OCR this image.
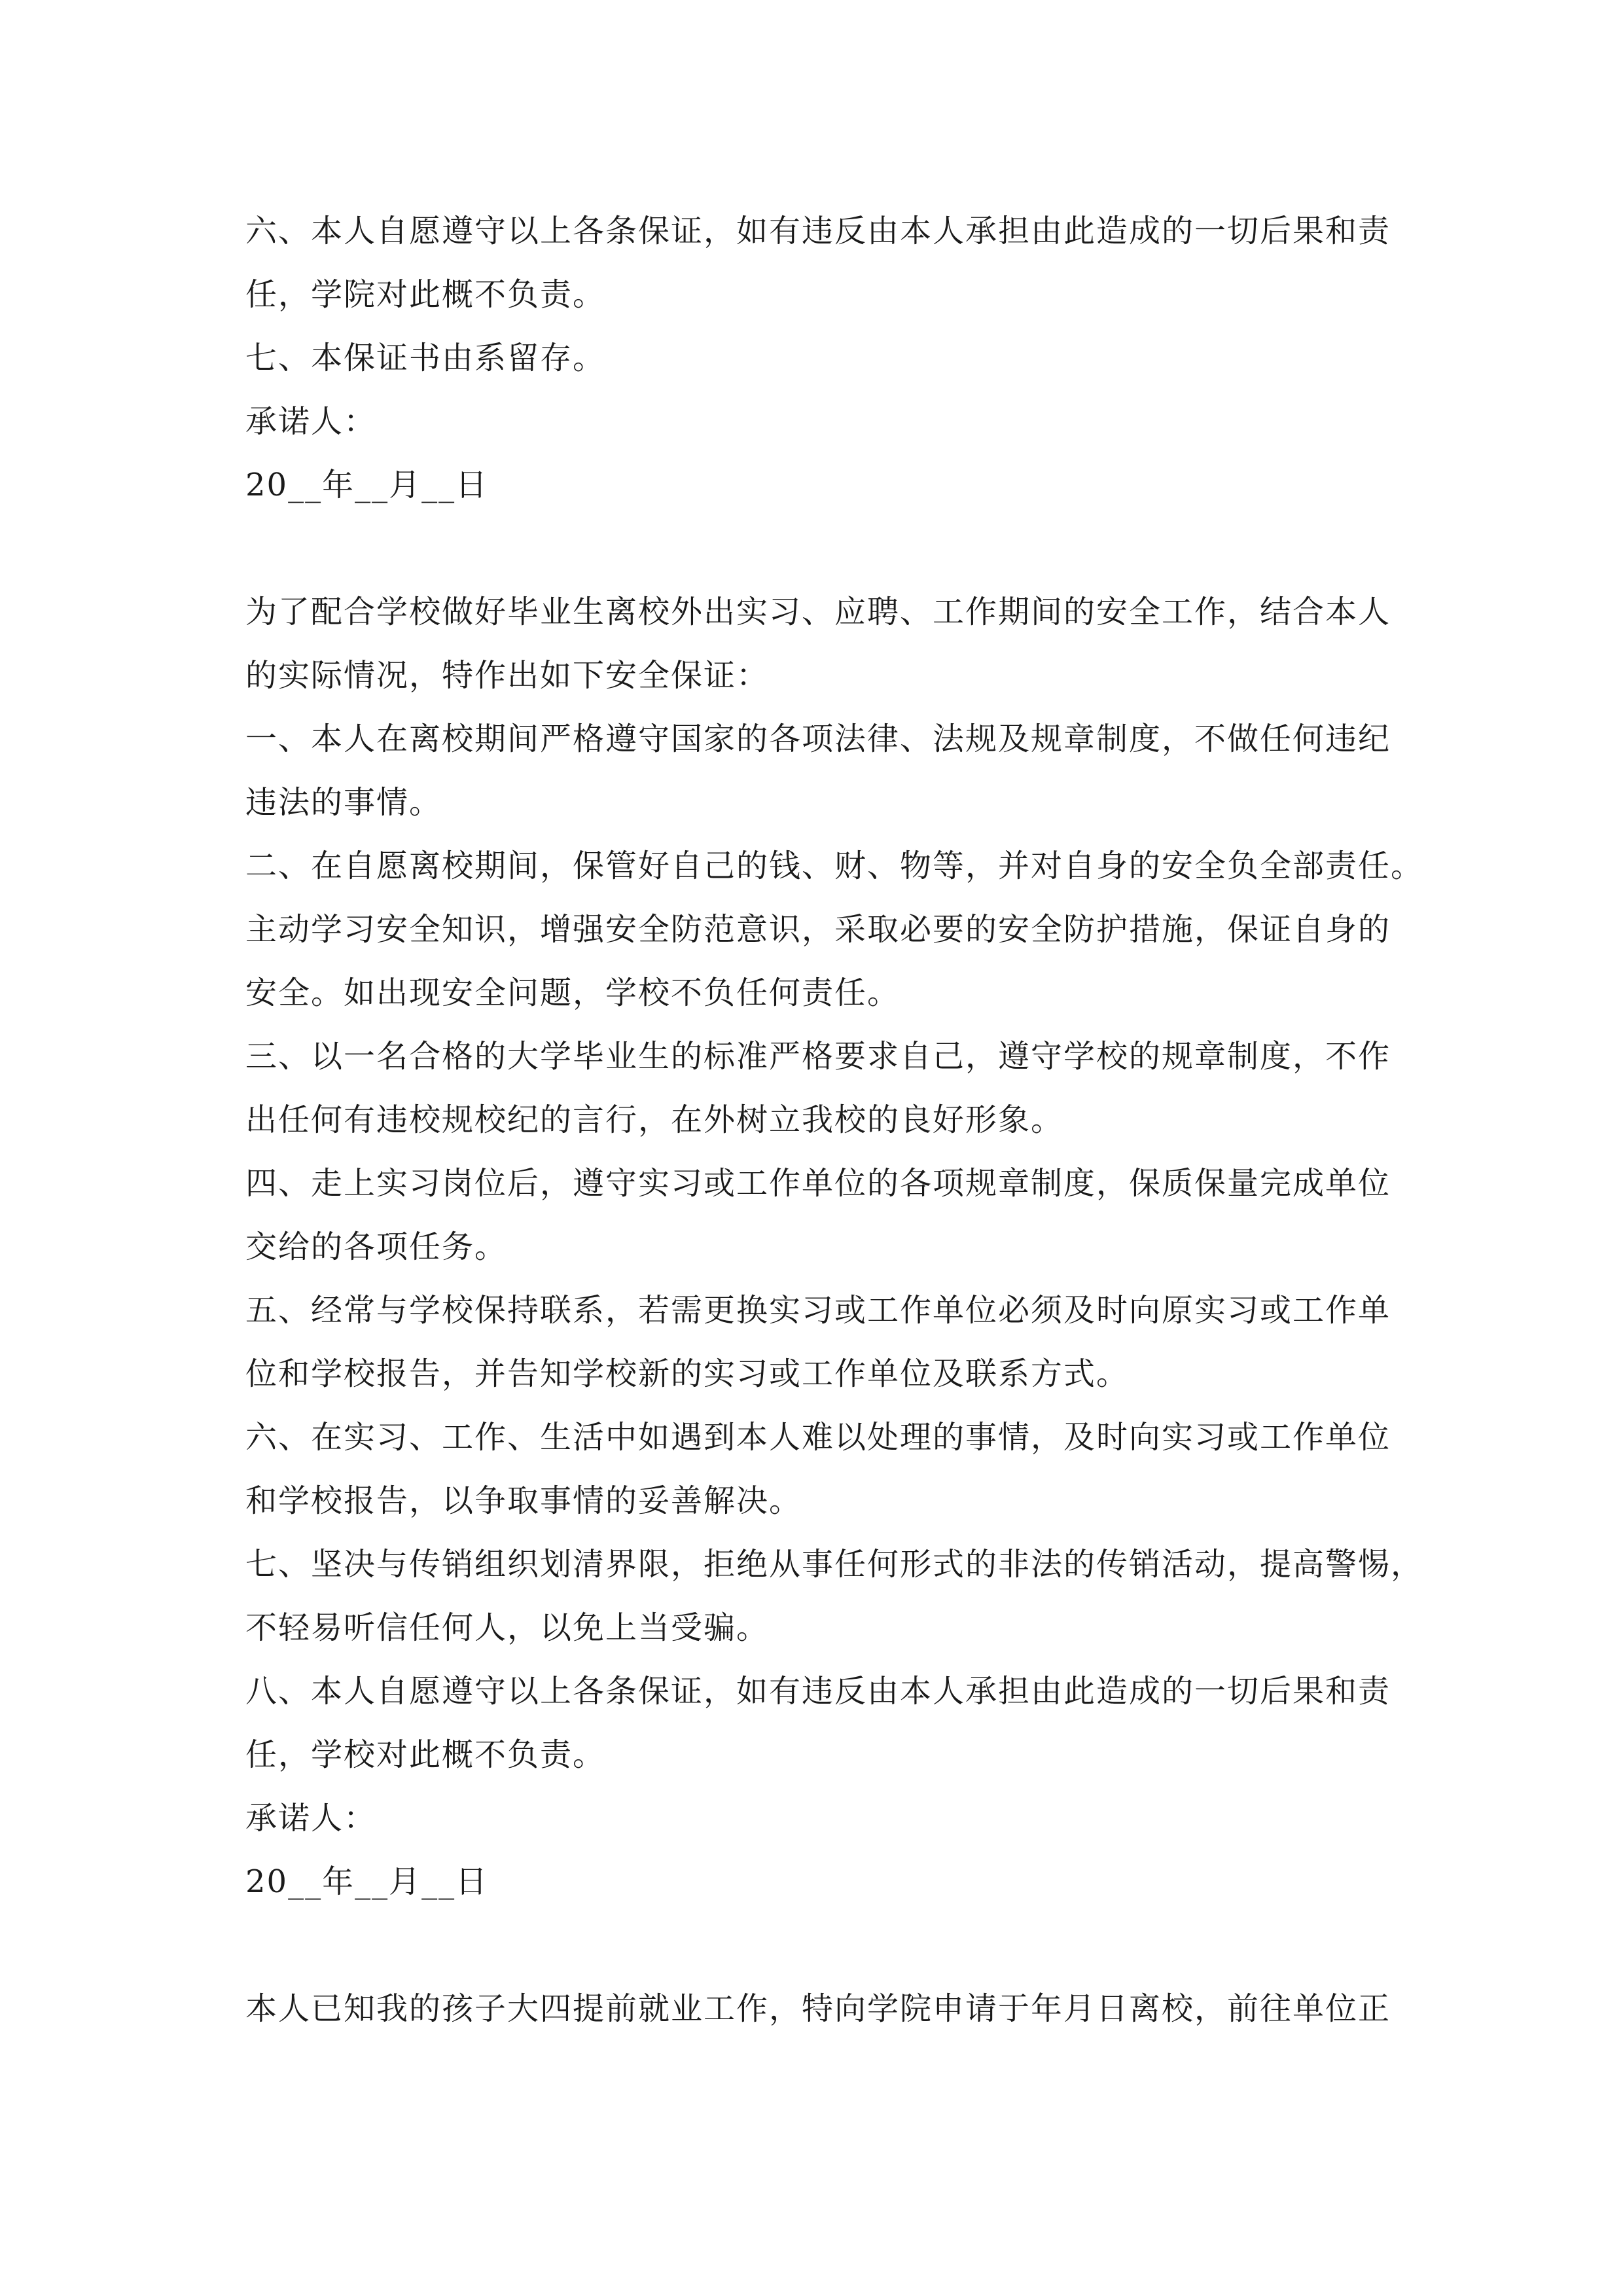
六、本人自愿遵守以上各条保证，如有违反由本人承担由此造成的一切后果和责
任，学院对此概不负责。
七、本保证书由系留存。
承诺人：
20__年__月__日
为了配合学校做好毕业生离校外出实习、应聘、工作期间的安全工作，结合本人
的实际情况，特作出如下安全保证：
一、本人在离校期间严格遵守国家的各项法律、法规及规章制度，不做任何违纪
违法的事情。
二、在自愿离校期间，保管好自己的钱、财、物等，并对自身的安全负全部责任。
主动学习安全知识，增强安全防范意识，采取必要的安全防护措施，保证自身的
安全。如出现安全问题，学校不负任何责任。
三、以一名合格的大学毕业生的标准严格要求自己，遵守学校的规章制度，不作
出任何有违校规校纪的言行，在外树立我校的良好形象。
四、走上实习岗位后，遵守实习或工作单位的各项规章制度，保质保量完成单位
交给的各项任务。
五、经常与学校保持联系，若需更换实习或工作单位必须及时向原实习或工作单
位和学校报告，并告知学校新的实习或工作单位及联系方式。
六、在实习、工作、生活中如遇到本人难以处理的事情，及时向实习或工作单位
和学校报告，以争取事情的妥善解决。
七、坚决与传销组织划清界限，拒绝从事任何形式的非法的传销活动，提高警惕，
不轻易听信任何人，以免上当受骗。
八、本人自愿遵守以上各条保证，如有违反由本人承担由此造成的一切后果和责
任，学校对此概不负责。
承诺人：
20__年__月__日
本人已知我的孩子大四提前就业工作，特向学院申请于年月日离校，前往单位正
